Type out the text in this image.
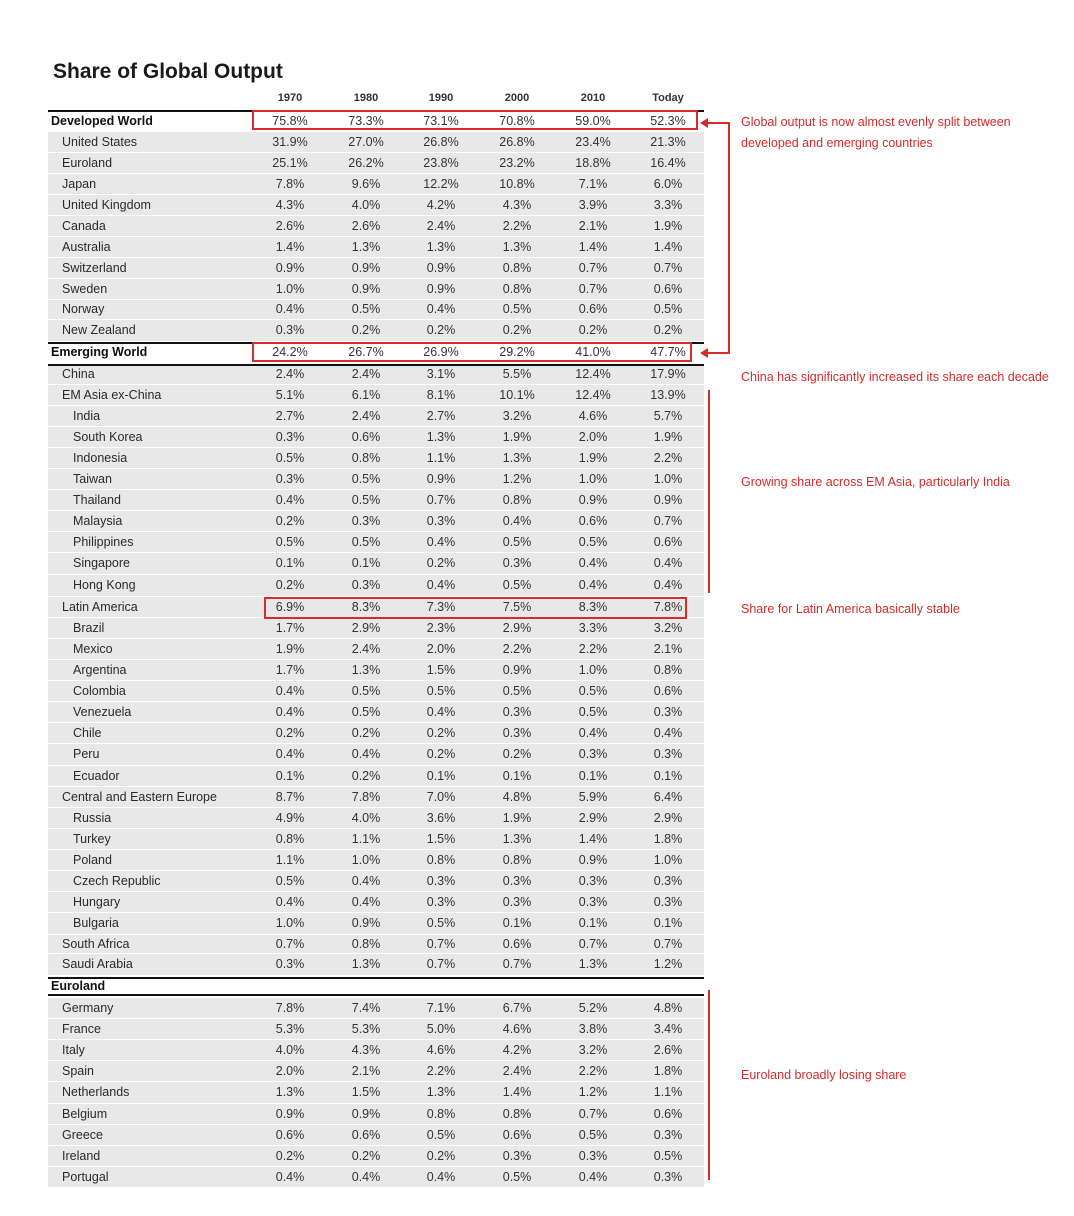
Share of Global Output
1970	1980	1990	2000	2010	Today
Developed World	75.8%	73.3%	73.1%	70.8%	59.0%	52.3%
United States	31.9%	27.0%	26.8%	26.8%	23.4%	21.3%
Euroland	25.1%	26.2%	23.8%	23.2%	18.8%	16.4%
Japan	7.8%	9.6%	12.2%	10.8%	7.1%	6.0%
United Kingdom	4.3%	4.0%	4.2%	4.3%	3.9%	3.3%
Canada	2.6%	2.6%	2.4%	2.2%	2.1%	1.9%
Australia	1.4%	1.3%	1.3%	1.3%	1.4%	1.4%
Switzerland	0.9%	0.9%	0.9%	0.8%	0.7%	0.7%
Sweden	1.0%	0.9%	0.9%	0.8%	0.7%	0.6%
Norway	0.4%	0.5%	0.4%	0.5%	0.6%	0.5%
New Zealand	0.3%	0.2%	0.2%	0.2%	0.2%	0.2%
Emerging World	24.2%	26.7%	26.9%	29.2%	41.0%	47.7%
China	2.4%	2.4%	3.1%	5.5%	12.4%	17.9%
EM Asia ex-China	5.1%	6.1%	8.1%	10.1%	12.4%	13.9%
India	2.7%	2.4%	2.7%	3.2%	4.6%	5.7%
South Korea	0.3%	0.6%	1.3%	1.9%	2.0%	1.9%
Indonesia	0.5%	0.8%	1.1%	1.3%	1.9%	2.2%
Taiwan	0.3%	0.5%	0.9%	1.2%	1.0%	1.0%
Thailand	0.4%	0.5%	0.7%	0.8%	0.9%	0.9%
Malaysia	0.2%	0.3%	0.3%	0.4%	0.6%	0.7%
Philippines	0.5%	0.5%	0.4%	0.5%	0.5%	0.6%
Singapore	0.1%	0.1%	0.2%	0.3%	0.4%	0.4%
Hong Kong	0.2%	0.3%	0.4%	0.5%	0.4%	0.4%
Latin America	6.9%	8.3%	7.3%	7.5%	8.3%	7.8%
Brazil	1.7%	2.9%	2.3%	2.9%	3.3%	3.2%
Mexico	1.9%	2.4%	2.0%	2.2%	2.2%	2.1%
Argentina	1.7%	1.3%	1.5%	0.9%	1.0%	0.8%
Colombia	0.4%	0.5%	0.5%	0.5%	0.5%	0.6%
Venezuela	0.4%	0.5%	0.4%	0.3%	0.5%	0.3%
Chile	0.2%	0.2%	0.2%	0.3%	0.4%	0.4%
Peru	0.4%	0.4%	0.2%	0.2%	0.3%	0.3%
Ecuador	0.1%	0.2%	0.1%	0.1%	0.1%	0.1%
Central and Eastern Europe	8.7%	7.8%	7.0%	4.8%	5.9%	6.4%
Russia	4.9%	4.0%	3.6%	1.9%	2.9%	2.9%
Turkey	0.8%	1.1%	1.5%	1.3%	1.4%	1.8%
Poland	1.1%	1.0%	0.8%	0.8%	0.9%	1.0%
Czech Republic	0.5%	0.4%	0.3%	0.3%	0.3%	0.3%
Hungary	0.4%	0.4%	0.3%	0.3%	0.3%	0.3%
Bulgaria	1.0%	0.9%	0.5%	0.1%	0.1%	0.1%
South Africa	0.7%	0.8%	0.7%	0.6%	0.7%	0.7%
Saudi Arabia	0.3%	1.3%	0.7%	0.7%	1.3%	1.2%
Euroland
Germany	7.8%	7.4%	7.1%	6.7%	5.2%	4.8%
France	5.3%	5.3%	5.0%	4.6%	3.8%	3.4%
Italy	4.0%	4.3%	4.6%	4.2%	3.2%	2.6%
Spain	2.0%	2.1%	2.2%	2.4%	2.2%	1.8%
Netherlands	1.3%	1.5%	1.3%	1.4%	1.2%	1.1%
Belgium	0.9%	0.9%	0.8%	0.8%	0.7%	0.6%
Greece	0.6%	0.6%	0.5%	0.6%	0.5%	0.3%
Ireland	0.2%	0.2%	0.2%	0.3%	0.3%	0.5%
Portugal	0.4%	0.4%	0.4%	0.5%	0.4%	0.3%
Global output is now almost evenly split between developed and emerging countries
China has significantly increased its share each decade
Growing share across EM Asia, particularly India
Share for Latin America basically stable
Euroland broadly losing share
